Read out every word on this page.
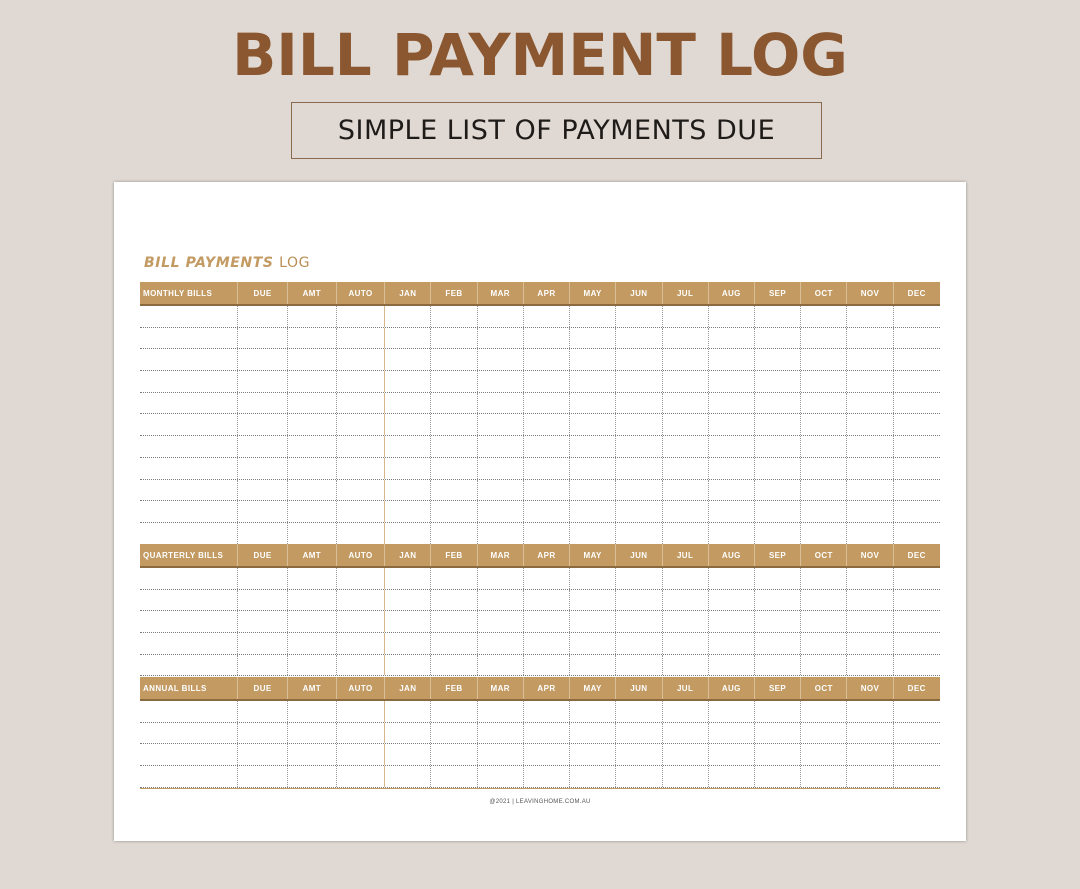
BILL PAYMENT LOG
SIMPLE LIST OF PAYMENTS DUE
BILL PAYMENTS LOG
MONTHLY BILLS	DUE	AMT	AUTO	JAN	FEB	MAR	APR	MAY	JUN	JUL	AUG	SEP	OCT	NOV	DEC
QUARTERLY BILLS	DUE	AMT	AUTO	JAN	FEB	MAR	APR	MAY	JUN	JUL	AUG	SEP	OCT	NOV	DEC
ANNUAL BILLS	DUE	AMT	AUTO	JAN	FEB	MAR	APR	MAY	JUN	JUL	AUG	SEP	OCT	NOV	DEC
@2021 | LEAVINGHOME.COM.AU
